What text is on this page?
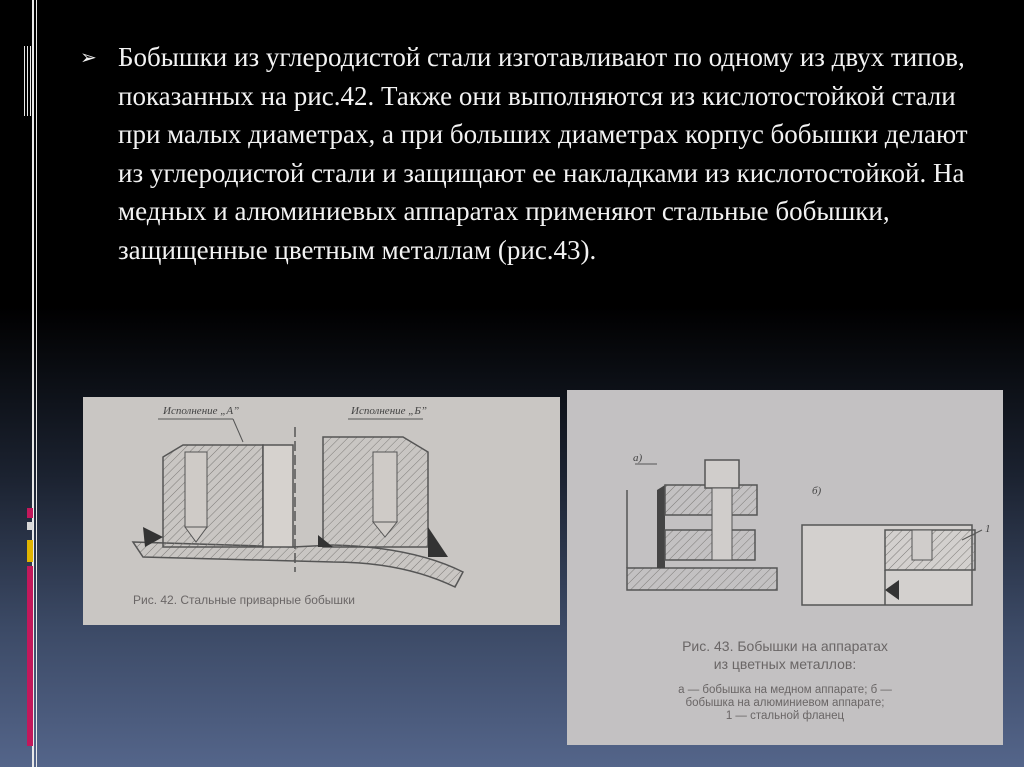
➢ Бобышки из углеродистой стали изготавливают по одному из двух типов, показанных на рис.42. Также они выполняются из кислотостойкой стали при малых диаметрах, а при больших диаметрах корпус бобышки делают из углеродистой стали и защищают ее накладками из кислотостойкой. На медных и алюминиевых аппаратах применяют стальные бобышки, защищенные цветным металлам (рис.43).
Исполнение „А”	Исполнение „Б”
Рис. 42. Стальные приварные бобышки
а)
б)
1
Рис. 43. Бобышки на аппаратах
из цветных металлов:
а — бобышка на медном аппарате; б —
бобышка на алюминиевом аппарате;
1 — стальной фланец
